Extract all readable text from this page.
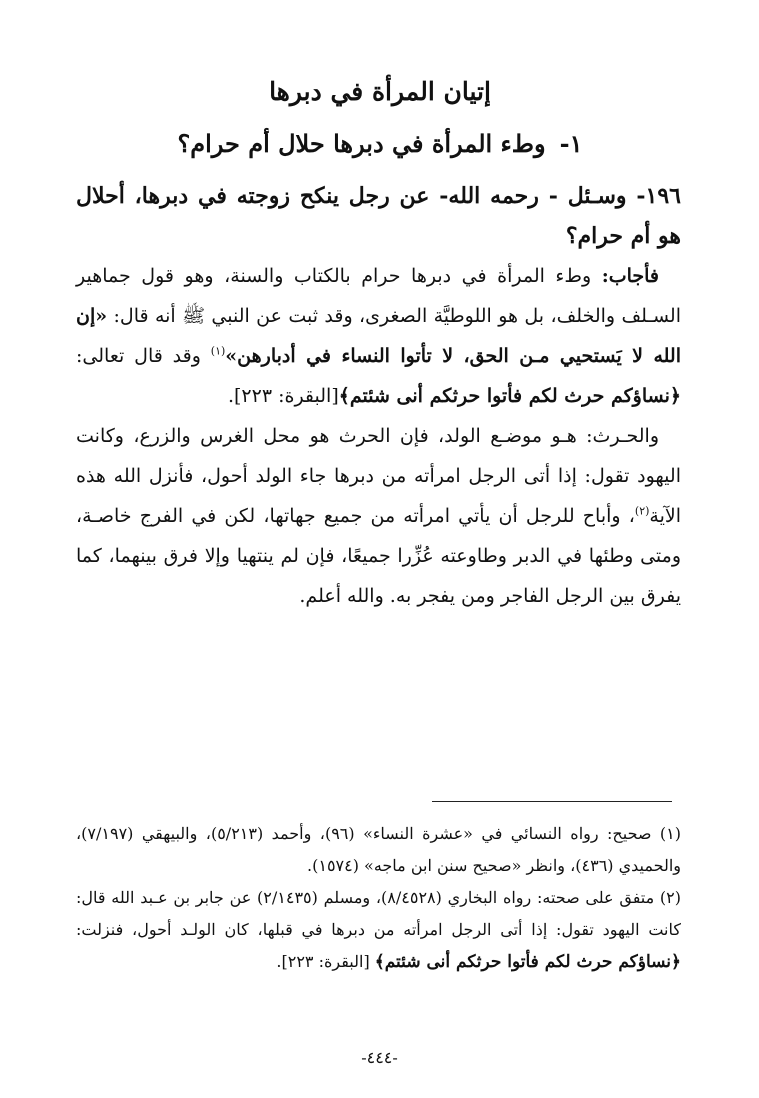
إتيان المرأة في دبرها
١-وطء المرأة في دبرها حلال أم حرام؟
١٩٦- وسـئل - رحمه الله- عن رجل ينكح زوجته في دبرها، أحلال هو أم حرام؟

فأجاب: وطء المرأة في دبرها حرام بالكتاب والسنة، وهو قول جماهير السـلف والخلف، بل هو اللوطيَّة الصغرى، وقد ثبت عن النبي ﷺ أنه قال: «إن الله لا يَستحيي مـن الحق، لا تأتوا النساء في أدبارهن»$^{(١)}$ وقد قال تعالى: ﴿نساؤكم حرث لكم فأتوا حرثكم أنى شئتم﴾[البقرة: ٢٢٣].

والحـرث: هـو موضـع الولد، فإن الحرث هو محل الغرس والزرع، وكانت اليهود تقول: إذا أتى الرجل امرأته من دبرها جاء الولد أحول، فأنزل الله هذه الآية$^{(٢)}$، وأباح للرجل أن يأتي امرأته من جميع جهاتها، لكن في الفرج خاصـة، ومتى وطئها في الدبر وطاوعته عُزِّرا جميعًا، فإن لم ينتهيا وإلا فرق بينهما، كما يفرق بين الرجل الفاجر ومن يفجر به. والله أعلم.

(١) صحيح: رواه النسائي في «عشرة النساء» (٩٦)، وأحمد (٥/٢١٣)، والبيهقي (٧/١٩٧)، والحميدي (٤٣٦)، وانظر «صحيح سنن ابن ماجه» (١٥٧٤).

(٢) متفق على صحته: رواه البخاري (٨/٤٥٢٨)، ومسلم (٢/١٤٣٥) عن جابر بن عـبد الله قال: كانت اليهود تقول: إذا أتى الرجل امرأته من دبرها في قبلها، كان الولـد أحول، فنزلت: ﴿نساؤكم حرث لكم فأتوا حرثكم أنى شئتم﴾ [البقرة: ٢٢٣].

-٤٤٤-
